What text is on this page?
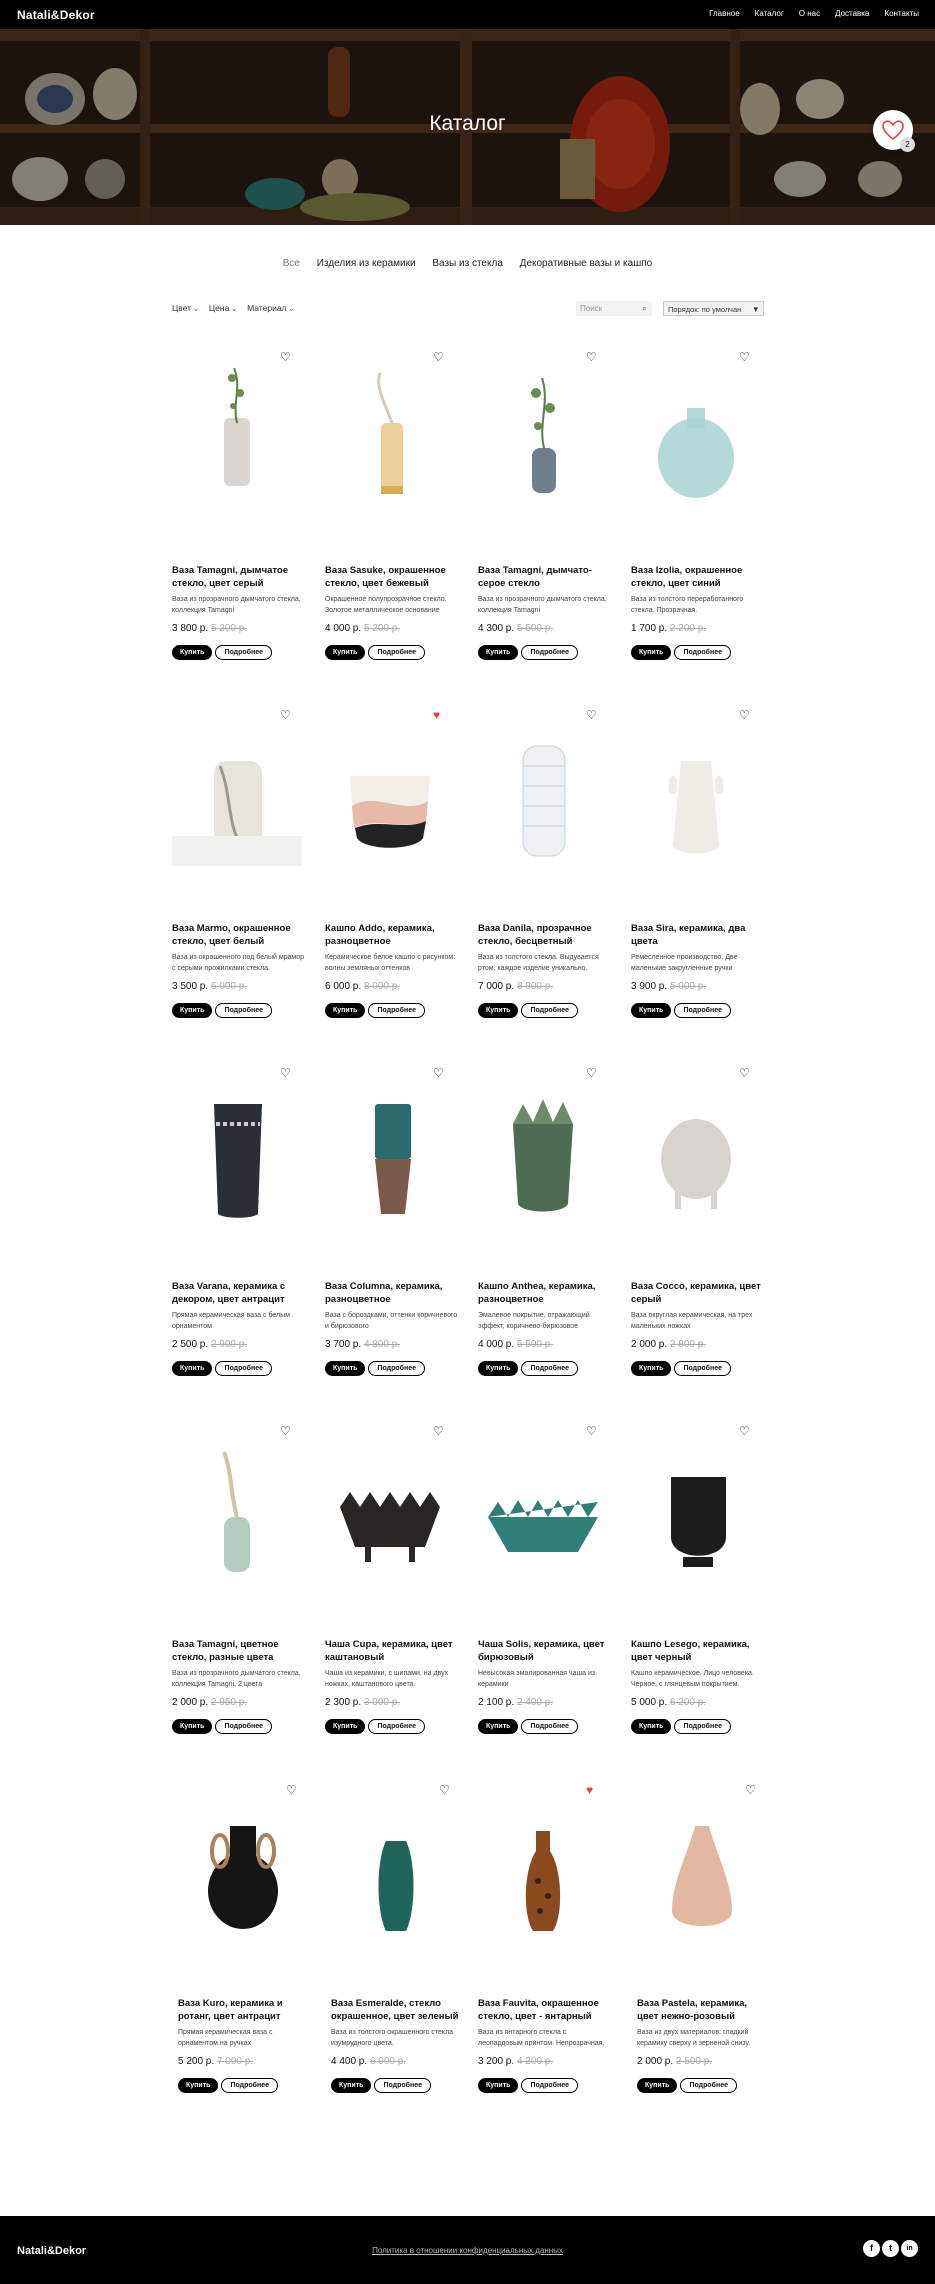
Natali&Dekor	Главное Каталог О нас Доставка Контакты
Каталог
2
Все Изделия из керамики Вазы из стекла Декоративные вазы и кашпо
Цвет ⌄	Цена ⌄	Материал ⌄	Поиск	⌕	Порядок: по умолчан ▾
♡
Ваза Tamagni, дымчатое стекло, цвет серый
Ваза из прозрачного дымчатого стекла, коллекция Tamagni
3 800 р. 5 200 р.
Купить	Подробнее
♡
Ваза Sasuke, окрашенное стекло, цвет бежевый
Окрашенное полупрозрачное стекло. Золотое металлическое основание
4 000 р. 5 200 р.
Купить	Подробнее
♡
Ваза Tamagni, дымчато-серое стекло
Ваза из прозрачного дымчатого стекла, коллекция Tamagni
4 300 р. 5 500 р.
Купить	Подробнее
♡
Ваза Izolia, окрашенное стекло, цвет синий
Ваза из толстого переработанного стекла. Прозрачная.
1 700 р. 2 200 р.
Купить	Подробнее
♡
Ваза Marmo, окрашенное стекло, цвет белый
Ваза из окрашенного под белый мрамор с серыми прожилками стекла.
3 500 р. 6 000 р.
Купить	Подробнее
♥
Кашпо Addo, керамика, разноцветное
Керамическое белое кашпо с рисунком: волны земляных оттенков
6 000 р. 8 000 р.
Купить	Подробнее
♡
Ваза Danila, прозрачное стекло, бесцветный
Ваза из толстого стекла. Выдувается ртом, каждое изделие уникально.
7 000 р. 8 900 р.
Купить	Подробнее
♡
Ваза Sira, керамика, два цвета
Ремесленное производство. Две маленькие закругленные ручки
3 900 р. 5 000 р.
Купить	Подробнее
♡
Ваза Varana, керамика с декором, цвет антрацит
Прямая керамическая ваза с белым орнаментом
2 500 р. 2 900 р.
Купить	Подробнее
♡
Ваза Columna, керамика, разноцветное
Ваза с бороздками, оттенки коричневого и бирюзового
3 700 р. 4 800 р.
Купить	Подробнее
♡
Кашпо Anthea, керамика, разноцветное
Эмалевое покрытие, отражающий эффект, коричнево-бирюзовое
4 000 р. 5 500 р.
Купить	Подробнее
♡
Ваза Cocco, керамика, цвет серый
Ваза округлая керамическая, на трех маленьких ножках
2 000 р. 2 800 р.
Купить	Подробнее
♡
Ваза Tamagni, цветное стекло, разные цвета
Ваза из прозрачного дымчатого стекла, коллекция Tamagni, 2 цвета
2 000 р. 2 950 р.
Купить	Подробнее
♡
Чаша Cupa, керамика, цвет каштановый
Чаша из керамики, с шипами, на двух ножках, каштанового цвета.
2 300 р. 3 000 р.
Купить	Подробнее
♡
Чаша Solis, керамика, цвет бирюзовый
Невысокая эмалированная чаша из керамики
2 100 р. 2 400 р.
Купить	Подробнее
♡
Кашпо Lesego, керамика, цвет черный
Кашпо керамическое. Лицо человека. Черное, с глянцевым покрытием.
5 000 р. 6 200 р.
Купить	Подробнее
♡
Ваза Kuro, керамика и ротанг, цвет антрацит
Прямая керамическая ваза с орнаментом на ручках
5 200 р. 7 000 р.
Купить	Подробнее
♡
Ваза Esmeralde, стекло окрашенное, цвет зеленый
Ваза из толстого окрашенного стекла изумрудного цвета.
4 400 р. 6 000 р.
Купить	Подробнее
♥
Ваза Fauvita, окрашенное стекло, цвет - янтарный
Ваза из янтарного стекла с леопардовым принтом. Непрозрачная.
3 200 р. 4 200 р.
Купить	Подробнее
♡
Ваза Pastela, керамика, цвет нежно-розовый
Ваза из двух материалов: гладкий керамику сверху и зерненой снизу.
2 000 р. 2 500 р.
Купить	Подробнее
Natali&Dekor	Политика в отношении конфиденциальных данных	f	t	in
